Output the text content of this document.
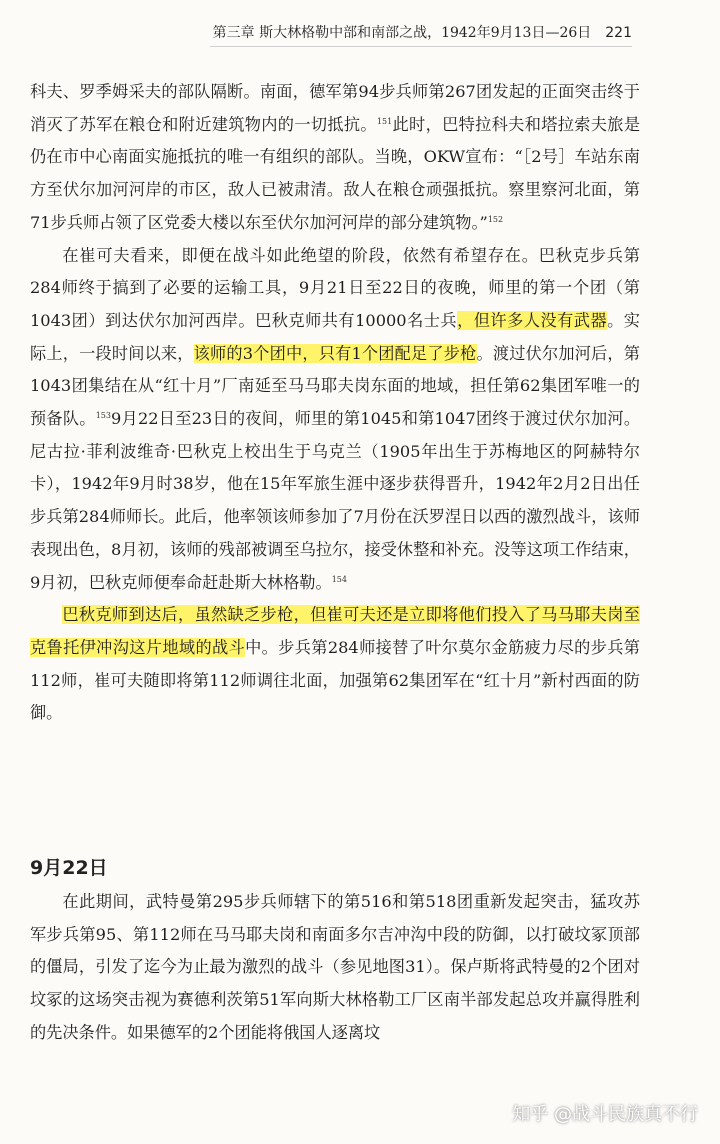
第三章 斯大林格勒中部和南部之战，1942年9月13日—26日 221

科夫、罗季姆采夫的部队隔断。南面，德军第94步兵师第267团发起的正面突击终于消灭了苏军在粮仓和附近建筑物内的一切抵抗。$^{151}$此时，巴特拉科夫和塔拉索夫旅是仍在市中心南面实施抵抗的唯一有组织的部队。当晚，OKW宣布：“［2号］车站东南方至伏尔加河河岸的市区，敌人已被肃清。敌人在粮仓顽强抵抗。察里察河北面，第71步兵师占领了区党委大楼以东至伏尔加河河岸的部分建筑物。”$^{152}$

在崔可夫看来，即便在战斗如此绝望的阶段，依然有希望存在。巴秋克步兵第284师终于搞到了必要的运输工具，9月21日至22日的夜晚，师里的第一个团（第1043团）到达伏尔加河西岸。巴秋克师共有10000名士兵，但许多人没有武器。实际上，一段时间以来，该师的3个团中，只有1个团配足了步枪。渡过伏尔加河后，第1043团集结在从“红十月”厂南延至马马耶夫岗东面的地域，担任第62集团军唯一的预备队。$^{153}$9月22日至23日的夜间，师里的第1045和第1047团终于渡过伏尔加河。尼古拉·菲利波维奇·巴秋克上校出生于乌克兰（1905年出生于苏梅地区的阿赫特尔卡），1942年9月时38岁，他在15年军旅生涯中逐步获得晋升，1942年2月2日出任步兵第284师师长。此后，他率领该师参加了7月份在沃罗涅日以西的激烈战斗，该师表现出色，8月初，该师的残部被调至乌拉尔，接受休整和补充。没等这项工作结束，9月初，巴秋克师便奉命赶赴斯大林格勒。$^{154}$

巴秋克师到达后，虽然缺乏步枪，但崔可夫还是立即将他们投入了马马耶夫岗至克鲁托伊冲沟这片地域的战斗中。步兵第284师接替了叶尔莫尔金筋疲力尽的步兵第112师，崔可夫随即将第112师调往北面，加强第62集团军在“红十月”新村西面的防御。

9月22日

在此期间，武特曼第295步兵师辖下的第516和第518团重新发起突击，猛攻苏军步兵第95、第112师在马马耶夫岗和南面多尔吉冲沟中段的防御，以打破坟冢顶部的僵局，引发了迄今为止最为激烈的战斗（参见地图31）。保卢斯将武特曼的2个团对坟冢的这场突击视为赛德利茨第51军向斯大林格勒工厂区南半部发起总攻并赢得胜利的先决条件。如果德军的2个团能将俄国人逐离坟

知乎 @战斗民族真不行
